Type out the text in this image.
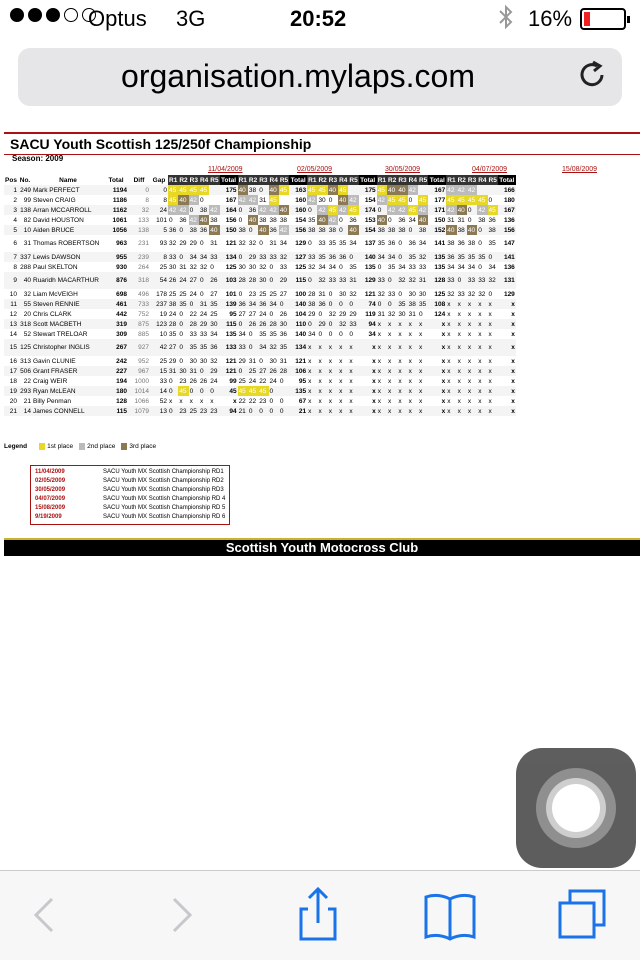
Optus 3G	20:52	16%
organisation.mylaps.com
SACU Youth Scottish 125/250f Championship
Season: 2009
11/04/2009	02/05/2009	30/05/2009	04/07/2009	15/08/2009
Pos	No.	Name	Total	Diff	Gap	R1	R2	R3	R4	R5	Total	R1	R2	R3	R4	R5	Total	R1	R2	R3	R4	R5	Total	R1	R2	R3	R4	R5	Total	R1	R2	R3	R4	R5	Total
1	249	Mark PERFECT	1194	0	0	45	45	45	45		175	40	38	0	40	45	163	45	45	40	45		175	45	40	40	42		167	42	42	42			166
2	99	Steven CRAIG	1186	8	8	45	40	42	0		167	42	42	31	45		160	42	30	0	40	42	154	42	45	45	0	45	177	45	45	45	45	0	180
3	138	Arran MCCARROLL	1162	32	24	42	42	0	38	42	164	0	36	42	42	40	160	0	42	45	42	45	174	0	42	42	45	42	171	42	40	0	42	45	167
4	82	David HOUSTON	1061	133	101	0	36	42	40	38	156	0	40	38	38	38	154	35	40	42	0	36	153	40	0	36	34	40	150	31	31	0	38	36	136
5	10	Aiden BRUCE	1056	138	5	36	0	38	36	40	150	38	0	40	36	42	156	38	38	38	0	40	154	38	38	38	0	38	152	40	38	40	0	38	156
6	31	Thomas ROBERTSON	963	231	93	32	29	29	0	31	121	32	32	0	31	34	129	0	33	35	35	34	137	35	36	0	36	34	141	38	36	38	0	35	147
7	337	Lewis DAWSON	955	239	8	33	0	34	34	33	134	0	29	33	33	32	127	33	35	36	36	0	140	34	34	0	35	32	135	36	35	35	35	0	141
8	288	Paul SKELTON	930	264	25	30	31	32	32	0	125	30	30	32	0	33	125	32	34	34	0	35	135	0	35	34	33	33	135	34	34	34	0	34	136
9	40	Ruaridh MACARTHUR	876	318	54	26	24	27	0	26	103	28	28	30	0	29	115	0	32	33	33	31	129	33	0	32	32	31	128	33	0	33	33	32	131
10	32	Liam McVEIGH	698	496	178	25	25	24	0	27	101	0	23	25	25	27	100	28	31	0	30	32	121	32	33	0	30	30	125	32	33	32	32	0	129
11	55	Steven RENNIE	461	733	237	38	35	0	31	35	139	36	34	36	34	0	140	38	36	0	0	0	74	0	0	35	38	35	108	x	x	x	x	x	x
12	20	Chris CLARK	442	752	19	24	0	22	24	25	95	27	27	24	0	26	104	29	0	32	29	29	119	31	32	30	31	0	124	x	x	x	x	x	x
13	318	Scott MACBETH	319	875	123	28	0	28	29	30	115	0	26	26	28	30	110	0	29	0	32	33	94	x	x	x	x	x	x	x	x	x	x	x	x
14	52	Stewart TRELOAR	309	885	10	35	0	33	33	34	135	34	0	35	35	36	140	34	0	0	0	0	34	x	x	x	x	x	x	x	x	x	x	x	x
15	125	Christopher INGLIS	267	927	42	27	0	35	35	36	133	33	0	34	32	35	134	x	x	x	x	x	x	x	x	x	x	x	x	x	x	x	x	x	x
16	313	Gavin CLUNIE	242	952	25	29	0	30	30	32	121	29	31	0	30	31	121	x	x	x	x	x	x	x	x	x	x	x	x	x	x	x	x	x	x
17	506	Grant FRASER	227	967	15	31	30	31	0	29	121	0	25	27	26	28	106	x	x	x	x	x	x	x	x	x	x	x	x	x	x	x	x	x	x
18	22	Craig WEIR	194	1000	33	0	23	26	26	24	99	25	24	22	24	0	95	x	x	x	x	x	x	x	x	x	x	x	x	x	x	x	x	x	x
19	293	Ryan McLEAN	180	1014	14	0	45	0	0	0	45	45	45	45	0		135	x	x	x	x	x	x	x	x	x	x	x	x	x	x	x	x	x	x
20	21	Billy Penman	128	1066	52	x	x	x	x	x	x	22	22	23	0	0	67	x	x	x	x	x	x	x	x	x	x	x	x	x	x	x	x	x	x
21	14	James CONNELL	115	1079	13	0	23	25	23	23	94	21	0	0	0	0	21	x	x	x	x	x	x	x	x	x	x	x	x	x	x	x	x	x	x
Legend	1st place	2nd place	3rd place
11/04/2009	SACU Youth MX Scottish Championship RD1
02/05/2009	SACU Youth MX Scottish Championship RD2
30/05/2009	SACU Youth MX Scottish Championship RD3
04/07/2009	SACU Youth MX Scottish Championship RD 4
15/08/2009	SACU Youth MX Scottish Championship RD 5
9/19/2009	SACU Youth MX Scottish Championship RD 6
Scottish Youth Motocross Club
